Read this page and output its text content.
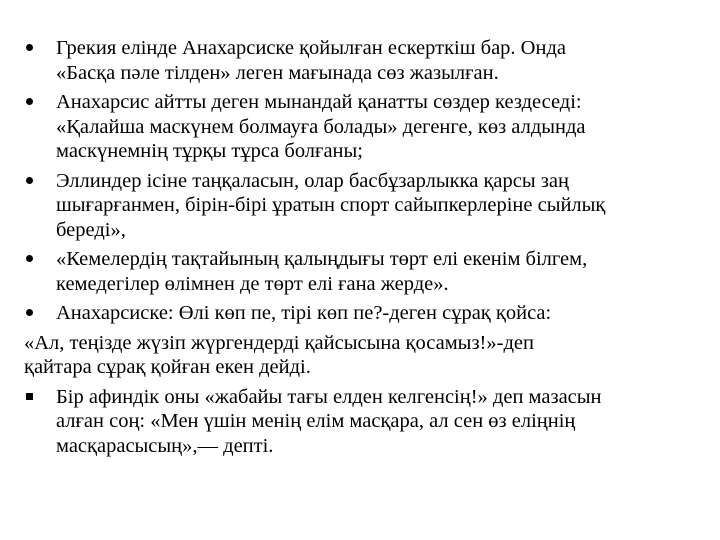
Грекия елінде Анахарсиске қойылған ескерткіш бар. Онда
«Басқа пәле тілден» леген мағынада сөз жазылған.
Анахарсис айтты деген мынандай қанатты сөздер кездеседі:
«Қалайша маскүнем болмауға болады» дегенге, көз алдында
маскүнемнің тұрқы тұрса болғаны;
Эллиндер ісіне таңқаласын, олар басбұзарлыкка қарсы заң
шығарғанмен, бірін-бірі ұратын спорт сайыпкерлеріне сыйлық
береді»,
«Кемелердің тақтайының қалыңдығы төрт елі екенім білгем,
кемедегілер өлімнен де төрт елі ғана жерде».
Анахарсиске: Өлі көп пе, тірі көп пе?-деген сұрақ қойса:
«Ал, теңізде жүзіп жүргендерді қайсысына қосамыз!»-деп
қайтара сұрақ қойған екен дейді.
Бір афиндік оны «жабайы тағы елден келгенсің!» деп мазасын
алған соң: «Мен үшін менің елім масқара, ал сен өз еліңнің
масқарасысың»,— депті.
